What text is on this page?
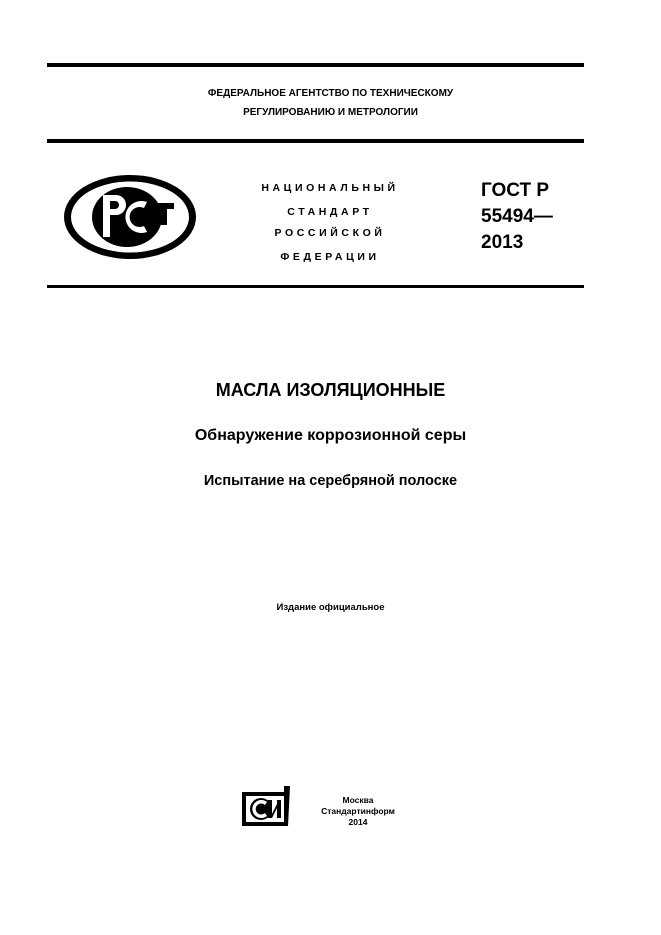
ФЕДЕРАЛЬНОЕ АГЕНТСТВО ПО ТЕХНИЧЕСКОМУ
РЕГУЛИРОВАНИЮ И МЕТРОЛОГИИ
НАЦИОНАЛЬНЫЙ
СТАНДАРТ
РОССИЙСКОЙ
ФЕДЕРАЦИИ
ГОСТ Р
55494—
2013
МАСЛА ИЗОЛЯЦИОННЫЕ
Обнаружение коррозионной серы
Испытание на серебряной полоске
Издание официальное
Москва
Стандартинформ
2014
